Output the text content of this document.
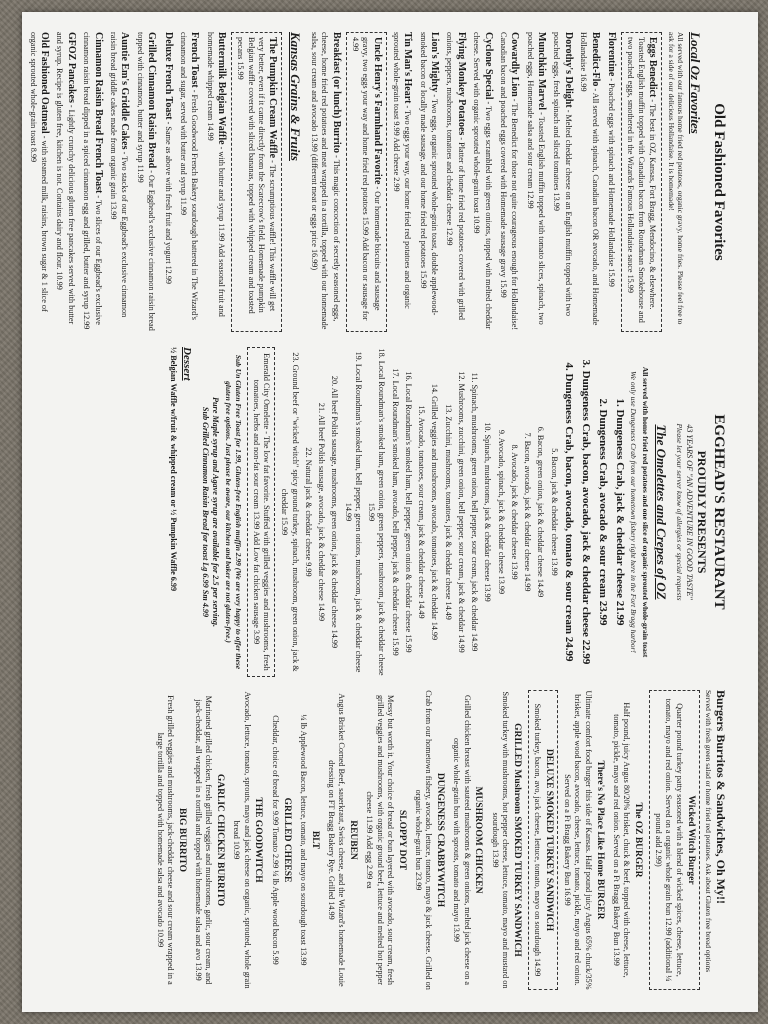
Old Fashioned Favorites
Local Oz Favorites
All served with our famous home fried red potatoes, organic gravy, home fries. Please feel free to ask for a side of our delicious Hollandaise. It is homemade!
Eggs Benedict - The best in OZ, Kansas, Fort Bragg, Mendocino, & elsewhere. Toasted English muffin topped with Canadian bacon from Roundman Smokehouse and two poached eggs, smothered in the Wizards Famous Hollandaise sauce 15.99
Florentine - Poached eggs with spinach and Homemade Hollandaise 15.99
Benedict-Flo - All served with spinach, Canadian bacon OR avocado, and Homemade Hollandaise 16.99
Dorothy's Delight - Melted cheddar cheese on an English muffin topped with two poached eggs, fresh spinach and sliced tomatoes 13.99
Munchkin Marvel - Toasted English muffin topped with tomato slices, spinach, two poached eggs, Homemade salsa and sour cream 12.99
Cowardly Lion - The Benedict for those not quite courageous enough for Hollandaise! Canadian bacon and poached eggs covered with Homemade sausage gravy 15.99
Cyclone Special - Two eggs scrambled with green onions, topped with melted cheddar cheese. Served with organic sprouted whole-grain toast 10.99
Flying Monkey Potatoes - Platter of home fried red potatoes covered with grilled onions, peppers, mushrooms, tomatoes and cheddar cheese 12.99
Lion's Mighty - Two eggs, organic sprouted whole-grain toast, double applewood-smoked bacon or locally made sausage, and our home fried red potatoes 15.99
Tin Man's Heart - Two eggs your way, our home fried red potatoes and organic sprouted whole-grain toast 9.99 Add cheese 2.99
Uncle Henry's Farmhand Favorite - Our homemade biscuits and sausage gravy, two eggs your way and home fried red potatoes 15.99 Add bacon or sausage for 4.99
Breakfast (or lunch) Burrito - This magic concoction of secretly seasoned eggs, cheese, home fried red potatoes and meat wrapped in a tortilla, topped with our homemade salsa, sour cream and avocado 13.99 (different meat or eggs price 16.99)
Kansas Grains & Fruits
The Pumpkin Cream Waffle - The scrumptious waffle! This waffle will get very better, even if it came directly from the Scarecrow's field. Homemade pumpkin Belgian waffle covered with sliced bananas, topped with whipped cream and toasted pecans 15.99
Buttermilk Belgian Waffle - with butter and syrup 11.99 Add seasonal fruit and homemade whipped cream 14.99
French Toast - Fresh Goodwood French Bakery sourdough battered in The Wizard's cinnamon and sugar, served with butter and syrup 11.99
Deluxe French Toast - Same as above with fresh fruit and yogurt 12.99
Grilled Cinnamon Raisin Bread - Our Egghead's exclusive cinnamon raisin bread topped with cinnamon, butter and syrup 11.99
Auntie Em's Griddle Cakes - Two stacks of our Egghead's exclusive cinnamon raisin bread griddle cakes made from organic grain 13.99
Cinnamon Raisin Bread French Toast - Two slices of our Egghead's exclusive cinnamon raisin bread dipped in a spiced cinnamon egg and grilled, butter and syrup 12.99
GFOZ Pancakes - Lightly crunchy delicious gluten free pancakes served with butter and syrup. Recipe is gluten free, kitchen is not. Contains dairy and flour. 10.99
Old Fashioned Oatmeal - with steamed milk, raisins, brown sugar & 1 slice of organic sprouted whole-grain toast 8.99
EGGHEAD'S RESTAURANT
PROUDLY PRESENTS
43 YEARS OF "AN ADVENTURE IN GOOD TASTE"
Please let your server know of allergies or special requests
The Omelettes and Crepes of OZ
All served with home fried red potatoes and one slice of organic sprouted whole-grain toast
We only use Dungeness Crab from our hometown fishery right here in the Fort Bragg harbor!
1. Dungeness Crab, jack & cheddar cheese 21.99
2. Dungeness Crab, avocado & sour cream 23.99
3. Dungeness Crab, bacon, avocado, jack & cheddar cheese 22.99
4. Dungeness Crab, bacon, avocado, tomato & sour cream 24.99
5. Bacon, jack & cheddar cheese 13.99
6. Bacon, green onion, jack & cheddar cheese 14.49
7. Bacon, avocado, jack & cheddar cheese 14.99
8. Avocado, jack & cheddar cheese 13.99
9. Avocado, spinach, jack & cheddar cheese 13.99
10. Spinach, mushrooms, jack & cheddar cheese 13.99
11. Spinach, mushrooms, green onion, bell pepper, sour cream, jack & cheddar 14.99
12. Mushrooms, zucchini, green onion, bell pepper, sour cream, jack & cheddar 14.99
13. Zucchini, mushrooms, tomatoes, jack & cheddar cheese 14.49
14. Grilled veggies and mushrooms, avocado, tomatoes, jack & cheddar 14.99
15. Avocado, tomatoes, sour cream, jack & cheddar cheese 14.49
16. Local Roundman's smoked ham, bell pepper, green onion & cheddar cheese 15.99
17. Local Roundman's smoked ham, avocado, bell pepper, jack & cheddar cheese 15.99
18. Local Roundman's smoked ham, green onion, green peppers, mushroom, jack & cheddar cheese 15.99
19. Local Roundman's smoked ham, bell pepper, green onions, mushroom, jack & cheddar cheese 14.99
20. All beef Polish sausage, mushrooms, green onion, jack & cheddar cheese 14.99
21. All beef Polish sausage, avocado, jack & cheddar cheese 14.99
22. Natural jack & cheddar cheese 9.99
23. Ground beef or "wicked witch" spicy ground turkey, spinach, mushroom, green onion, jack & cheddar 15.99
Emerald City Omelette - The low fat favorite. Stuffed with grilled veggies and mushrooms, fresh tomatoes, herbs and non-fat sour cream 13.99 Add Low fat chicken sausage 3.99
Sub Un Gluten Free Toast for 1.99, Gluten-free English muffin 2.99 (We are very happy to offer these gluten free options. Just please be aware, our kitchen and baker are not gluten-free.)
Pure Maple syrup and Agave syrup are available for 2.5 per serving.
Sub Grilled Cinnamon Raisin Bread for toast Lg 6.99 Sm 4.99
Dessert
½ Belgian Waffle w/fruit & whipped cream or ½ Pumpkin Waffle 6.99
Burgers Burritos & Sandwiches, Oh My!!
Served with fresh green salad or home fried red potatoes. Ask about Gluten free bread options
Wicked Witch Burger
Quarter pound turkey patty seasoned with a blend of wicked spices, cheese, lettuce, tomato, mayo and red onion. Served on a organic whole grain bun 12.99 (additional ¼ pound add 2.99)
The OZ BURGER
Half pound, juicy Angus 80/20% brisket, chuck & beef, topped with cheese, lettuce, tomato, pickle, mayo and red onion. Served on a Ft Bragg Bakery Bun 13.99
There's No Place Like Home BURGER
Ultimate comfort food burger this side of Kansas. Half pound juicy Angus 65% chuck/35% brisket, apple wood bacon, avocado, cheese, lettuce, tomato, pickle, mayo and red onion. Served on a Ft Bragg Bakery Bun 16.99
DELUXE SMOKED TURKEY SANDWICH
Smoked turkey, bacon, avo, jack cheese, lettuce, tomato, mayo on sourdough 14.99
GRILLED Mushroom SMOKED TURKEY SANDWICH
Smoked turkey with mushrooms, hot pepper cheese, lettuce, tomato, mayo and mustard on sourdough 13.99
MUSHROOM CHICKEN
Grilled chicken breast with sauteed mushrooms & green onions, melted jack cheese on a organic whole-grain bun with sprouts, tomato and mayo 13.99
DUNGENESS CRABBYWITCH
Crab from our hometown fishery, avocado, lettuce, tomato, mayo & jack cheese. Grilled on organic whole-grain bun 23.99
SLOPPY DOT
Messy but worth it. Your choice of bread or bun layered with avocado, sour cream, fresh grilled veggies and mushrooms, with organic ground beef, lettuce and melted hot pepper cheese 11.99 Add egg 2.99 ea
REUBEN
Angus Brisket Corned Beef, sauerkraut, Swiss cheese, and the Wizard's homemade Louie dressing on FT Bragg Bakery Rye. Grilled 14.99
BLT
¼ lb Applewood Bacon, lettuce, tomato, and mayo on sourdough toast 13.99
GRILLED CHEESE
Cheddar, choice of bread for 9.99 Tomato 2.99 ¼ lb Apple wood bacon 5.99
THE GOODWITCH
Avocado, lettuce, tomato, sprouts, mayo and jack cheese on organic, sprouted, whole grain bread 10.99
GARLIC CHICKEN BURRITO
Marinated grilled chicken, fresh grilled veggies and mushrooms, garlic, sour cream, and jack-cheddar, all wrapped in a tortilla and topped with homemade salsa and avo 13.99
BIG BURRITO
Fresh grilled veggies and mushrooms, jack-cheddar cheese and sour cream wrapped in a large tortilla and topped with homemade salsa and avocado 10.99
